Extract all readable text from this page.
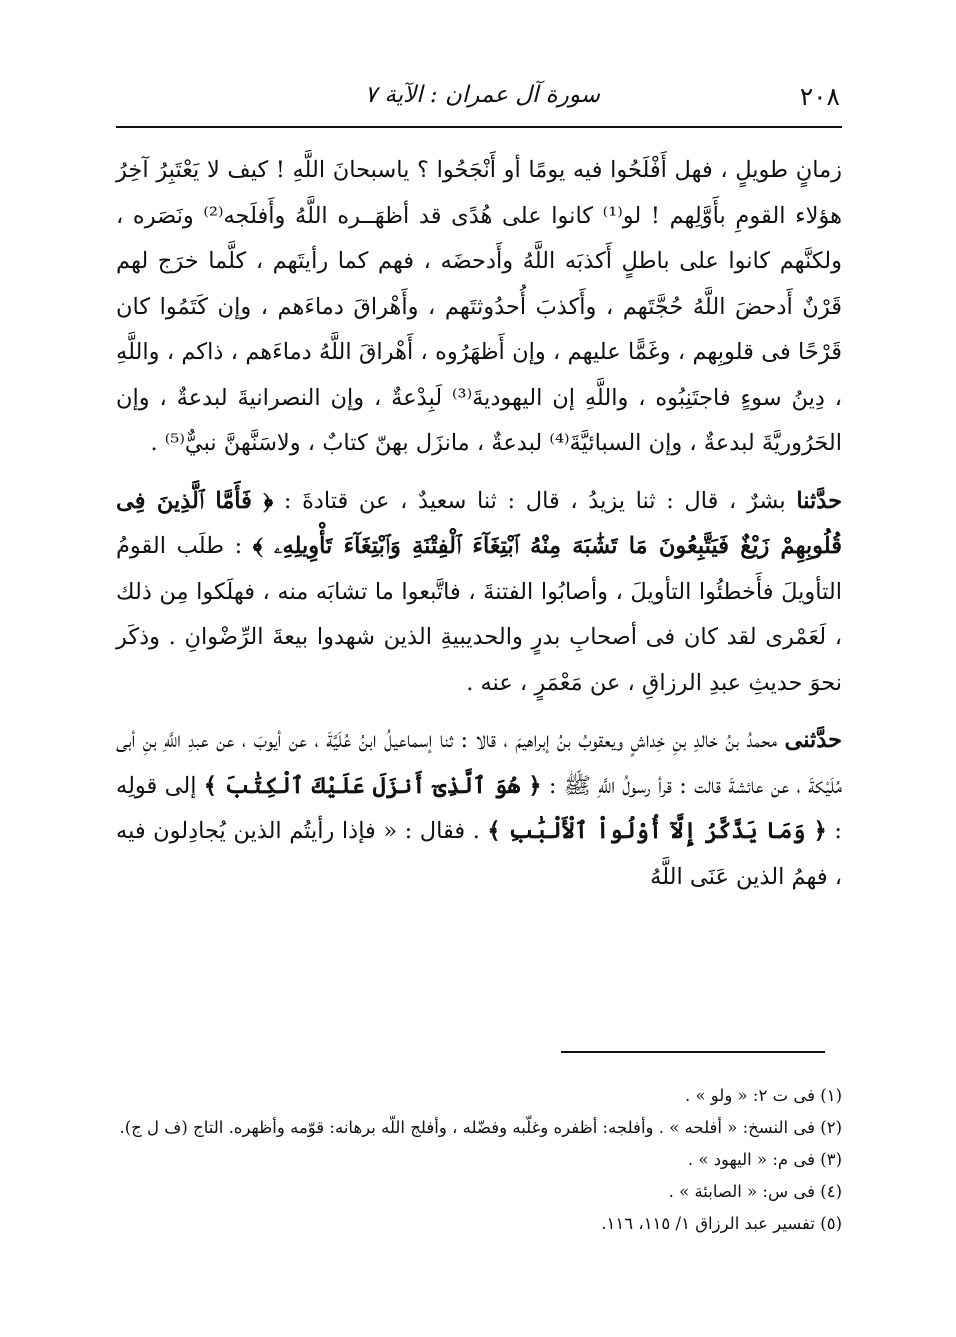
٢٠٨
سورة آل عمران : الآية ٧

زمانٍ طويلٍ ، فهل أَفْلَحُوا فيه يومًا أو أَنْجَحُوا ؟ ياسبحانَ اللَّهِ ! كيف لا يَعْتَبِرُ آخِرُ هؤلاء القومِ بأَوَّلِهم ! لو⁽¹⁾ كانوا على هُدًى قد أظهَــره اللَّهُ وأَفلَجه⁽²⁾ ونَصَره ، ولكنَّهم كانوا على باطلٍ أَكذبَه اللَّهُ وأَدحضَه ، فهم كما رأيتَهم ، كلَّما خرَج لهم قَرْنٌ أَدحضَ اللَّهُ حُجَّتَهم ، وأَكذبَ أُحدُوثتَهم ، وأَهْراقَ دماءَهم ، وإن كَتَمُوا كان قَرْحًا فى قلوبِهم ، وغَمًّا عليهم ، وإن أَظهَرُوه ، أَهْراقَ اللَّهُ دماءَهم ، ذاكم ، واللَّهِ ، دِينُ سوءٍ فاجتَنِبُوه ، واللَّهِ إن اليهوديةَ⁽³⁾ لَبِدْعةٌ ، وإن النصرانيةَ لبدعةٌ ، وإن الحَرُوريَّةَ لبدعةٌ ، وإن السبائيَّةَ⁽⁴⁾ لبدعةٌ ، مانزَل بهنّ كتابٌ ، ولاسَنَّهنَّ نبيٌّ⁽⁵⁾ .

حدَّثنا بشرٌ ، قال : ثنا يزيدُ ، قال : ثنا سعيدٌ ، عن قتادةَ : ﴿ فَأَمَّا ٱلَّذِينَ فِى قُلُوبِهِمْ زَيْغٌ فَيَتَّبِعُونَ مَا تَشَٰبَهَ مِنْهُ ٱبْتِغَآءَ ٱلْفِتْنَةِ وَٱبْتِغَآءَ تَأْوِيلِهِۦ ﴾ : طلَب القومُ التأويلَ فأَخطئُوا التأويلَ ، وأصابُوا الفتنةَ ، فاتَّبعوا ما تشابَه منه ، فهلَكوا مِن ذلك ، لَعَمْرى لقد كان فى أصحابِ بدرٍ والحديبيةِ الذين شهدوا بيعةَ الرِّضْوانِ . وذكَر نحوَ حديثِ عبدِ الرزاقِ ، عن مَعْمَرٍ ، عنه .

حدَّثنى محمدُ بنُ خالدِ بنِ خِداشٍ ويعقوبُ بنُ إبراهيمَ ، قالا : ثنا إسماعيلُ ابنُ عُلَيَّةَ ، عن أيوبَ ، عن عبدِ اللَّهِ بنِ أبى مُلَيْكةَ ، عن عائشةَ قالت : قرأ رسولُ اللَّهِ ﷺ : ﴿ هُوَ ٱلَّذِىٓ أَنزَلَ عَلَيْكَ ٱلْكِتَٰبَ ﴾ إلى قولِه : ﴿ وَمَا يَذَّكَّرُ إِلَّآ أُوْلُواْ ٱلْأَلْبَٰبِ ﴾ . فقال : « فإذا رأيتُم الذين يُجادِلون فيه ، فهمُ الذين عَنَى اللَّهُ

(١) فى ت ٢: « ولو » .

(٢) فى النسخ: « أفلحه » . وأفلجه: أظفره وغلّبه وفضّله ، وأفلج اللّه برهانه: قوّمه وأظهره. التاج (ف ل ج).

(٣) فى م: « اليهود » .

(٤) فى س: « الصابئة » .

(٥) تفسير عبد الرزاق ١/ ١١٥، ١١٦.
